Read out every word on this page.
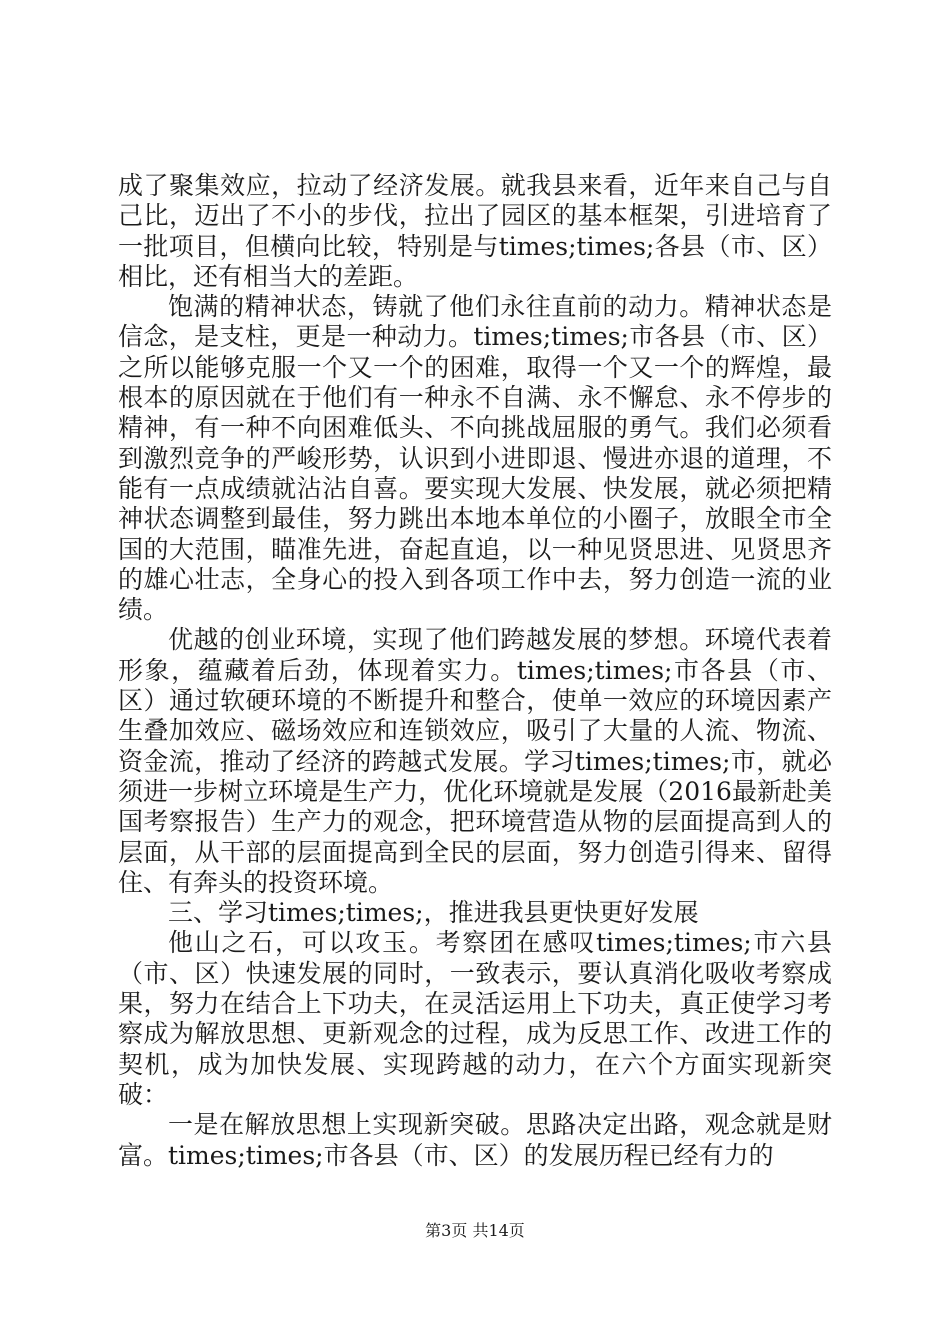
成了聚集效应，拉动了经济发展。就我县来看，近年来自己与自己比，迈出了不小的步伐，拉出了园区的基本框架，引进培育了一批项目，但横向比较，特别是与times;times;各县（市、区）相比，还有相当大的差距。

饱满的精神状态，铸就了他们永往直前的动力。精神状态是信念，是支柱，更是一种动力。times;times;市各县（市、区）之所以能够克服一个又一个的困难，取得一个又一个的辉煌，最根本的原因就在于他们有一种永不自满、永不懈怠、永不停步的精神，有一种不向困难低头、不向挑战屈服的勇气。我们必须看到激烈竞争的严峻形势，认识到小进即退、慢进亦退的道理，不能有一点成绩就沾沾自喜。要实现大发展、快发展，就必须把精神状态调整到最佳，努力跳出本地本单位的小圈子，放眼全市全国的大范围，瞄准先进，奋起直追，以一种见贤思进、见贤思齐的雄心壮志，全身心的投入到各项工作中去，努力创造一流的业绩。

优越的创业环境，实现了他们跨越发展的梦想。环境代表着形象，蕴藏着后劲，体现着实力。times;times;市各县（市、区）通过软硬环境的不断提升和整合，使单一效应的环境因素产生叠加效应、磁场效应和连锁效应，吸引了大量的人流、物流、资金流，推动了经济的跨越式发展。学习times;times;市，就必须进一步树立环境是生产力，优化环境就是发展（2016最新赴美国考察报告）生产力的观念，把环境营造从物的层面提高到人的层面，从干部的层面提高到全民的层面，努力创造引得来、留得住、有奔头的投资环境。

三、学习times;times;，推进我县更快更好发展

他山之石，可以攻玉。考察团在感叹times;times;市六县（市、区）快速发展的同时，一致表示，要认真消化吸收考察成果，努力在结合上下功夫，在灵活运用上下功夫，真正使学习考察成为解放思想、更新观念的过程，成为反思工作、改进工作的契机，成为加快发展、实现跨越的动力，在六个方面实现新突破：

一是在解放思想上实现新突破。思路决定出路，观念就是财富。times;times;市各县（市、区）的发展历程已经有力的

第3页 共14页
